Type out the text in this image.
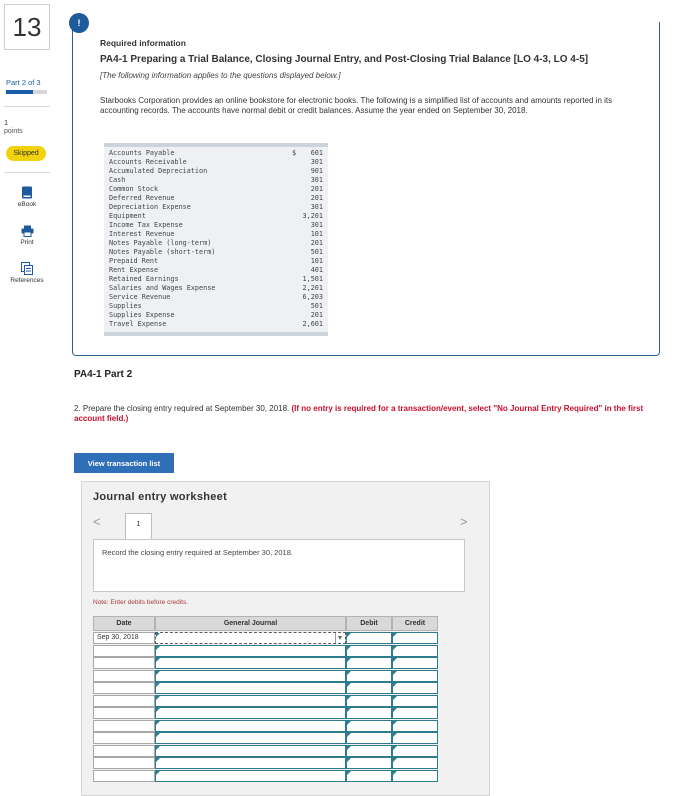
13
Part 2 of 3
1
points
Skipped
eBook
Print
References
!
Required information
PA4-1 Preparing a Trial Balance, Closing Journal Entry, and Post-Closing Trial Balance [LO 4-3, LO 4-5]
[The following information applies to the questions displayed below.]
Starbooks Corporation provides an online bookstore for electronic books. The following is a simplified list of accounts and amounts reported in its accounting records. The accounts have normal debit or credit balances. Assume the year ended on September 30, 2018.
Accounts Payable	$ 601
Accounts Receivable	301
Accumulated Depreciation	901
Cash	301
Common Stock	201
Deferred Revenue	201
Depreciation Expense	301
Equipment	3,201
Income Tax Expense	301
Interest Revenue	101
Notes Payable (long-term)	201
Notes Payable (short-term)	501
Prepaid Rent	101
Rent Expense	401
Retained Earnings	1,501
Salaries and Wages Expense	2,201
Service Revenue	6,203
Supplies	501
Supplies Expense	201
Travel Expense	2,601
PA4-1 Part 2
2. Prepare the closing entry required at September 30, 2018. (If no entry is required for a transaction/event, select "No Journal Entry Required" in the first account field.)
View transaction list
Journal entry worksheet
<	1	>
Record the closing entry required at September 30, 2018.
Note: Enter debits before credits.
Date	General Journal	Debit	Credit
Sep 30, 2018
